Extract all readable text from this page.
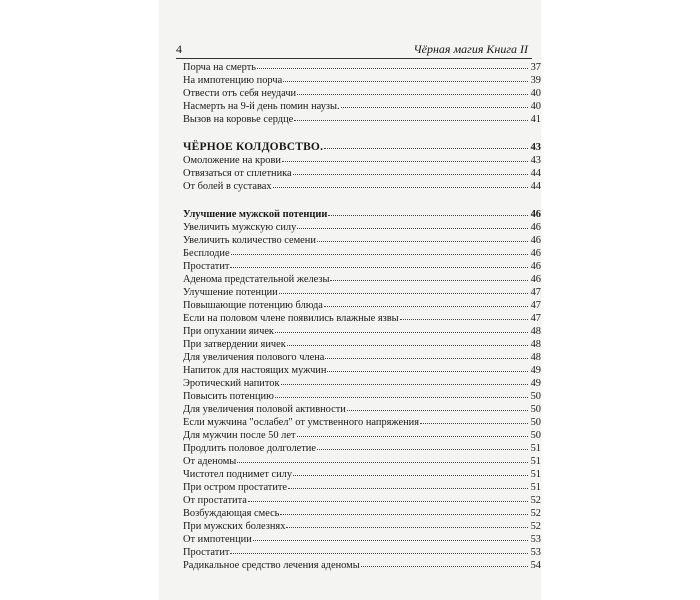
4	Чёрная магия Книга II
Порча на смерть	37
На импотенцию порча	39
Отвести отъ себя неудачи	40
Насмерть на 9-й день помин наузы.	40
Вызов на коровье сердце	41
ЧЁРНОЕ КОЛДОВСТВО.	43
Омоложение на крови	43
Отвязаться от сплетника	44
От болей в суставах	44
Улучшение мужской потенции	46
Увеличить мужскую силу	46
Увеличить количество семени	46
Бесплодие	46
Простатит	46
Аденома предстательной железы	46
Улучшение потенции	47
Повышающие потенцию блюда	47
Если на половом члене появились влажные язвы	47
При опухании яичек	48
При затвердении яичек	48
Для увеличения полового члена	48
Напиток для настоящих мужчин	49
Эротический напиток	49
Повысить потенцию	50
Для увеличения половой активности	50
Если мужчина "ослабел" от умственного напряжения	50
Для мужчин после 50 лет	50
Продлить половое долголетие	51
От аденомы	51
Чистотел поднимет силу	51
При остром простатите	51
От простатита	52
Возбуждающая смесь	52
При мужских болезнях	52
От импотенции	53
Простатит	53
Радикальное средство лечения аденомы	54
